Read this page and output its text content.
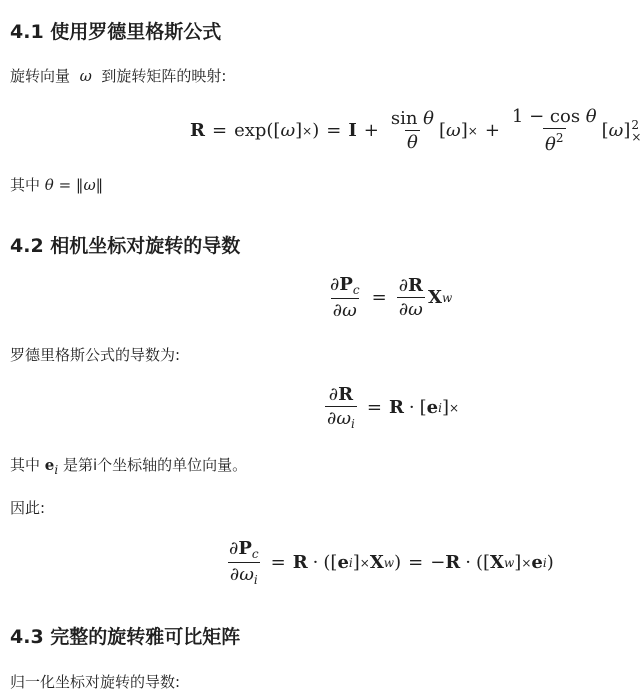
4.1 使用罗德里格斯公式
旋转向量  ω  到旋转矩阵的映射:
R = exp([ ω ] × ) = $I + \frac{\text{sin θ}}{\theta}$ [ ω ] × + $\frac{\text{1 − cos θ}}{\theta^2}$ [ ω ] 2
×
其中 θ = ‖ω‖
4.2 相机坐标对旋转的导数
$\frac{\partial P_c}{\partial\omega} = \frac{\partial R}{\partial\omega}$ X w
罗德里格斯公式的导数为:
$\frac{\partial R}{\partial\omega_i} = R$ · [ e i ] ×
其中 $e_i$ 是第i个坐标轴的单位向量。
因此:
$\frac{\partial P_c}{\partial\omega_i} = R$ · ([ e i ] × X w ) = − R · ([ X w ] × e i )
4.3 完整的旋转雅可比矩阵
归一化坐标对旋转的导数:
